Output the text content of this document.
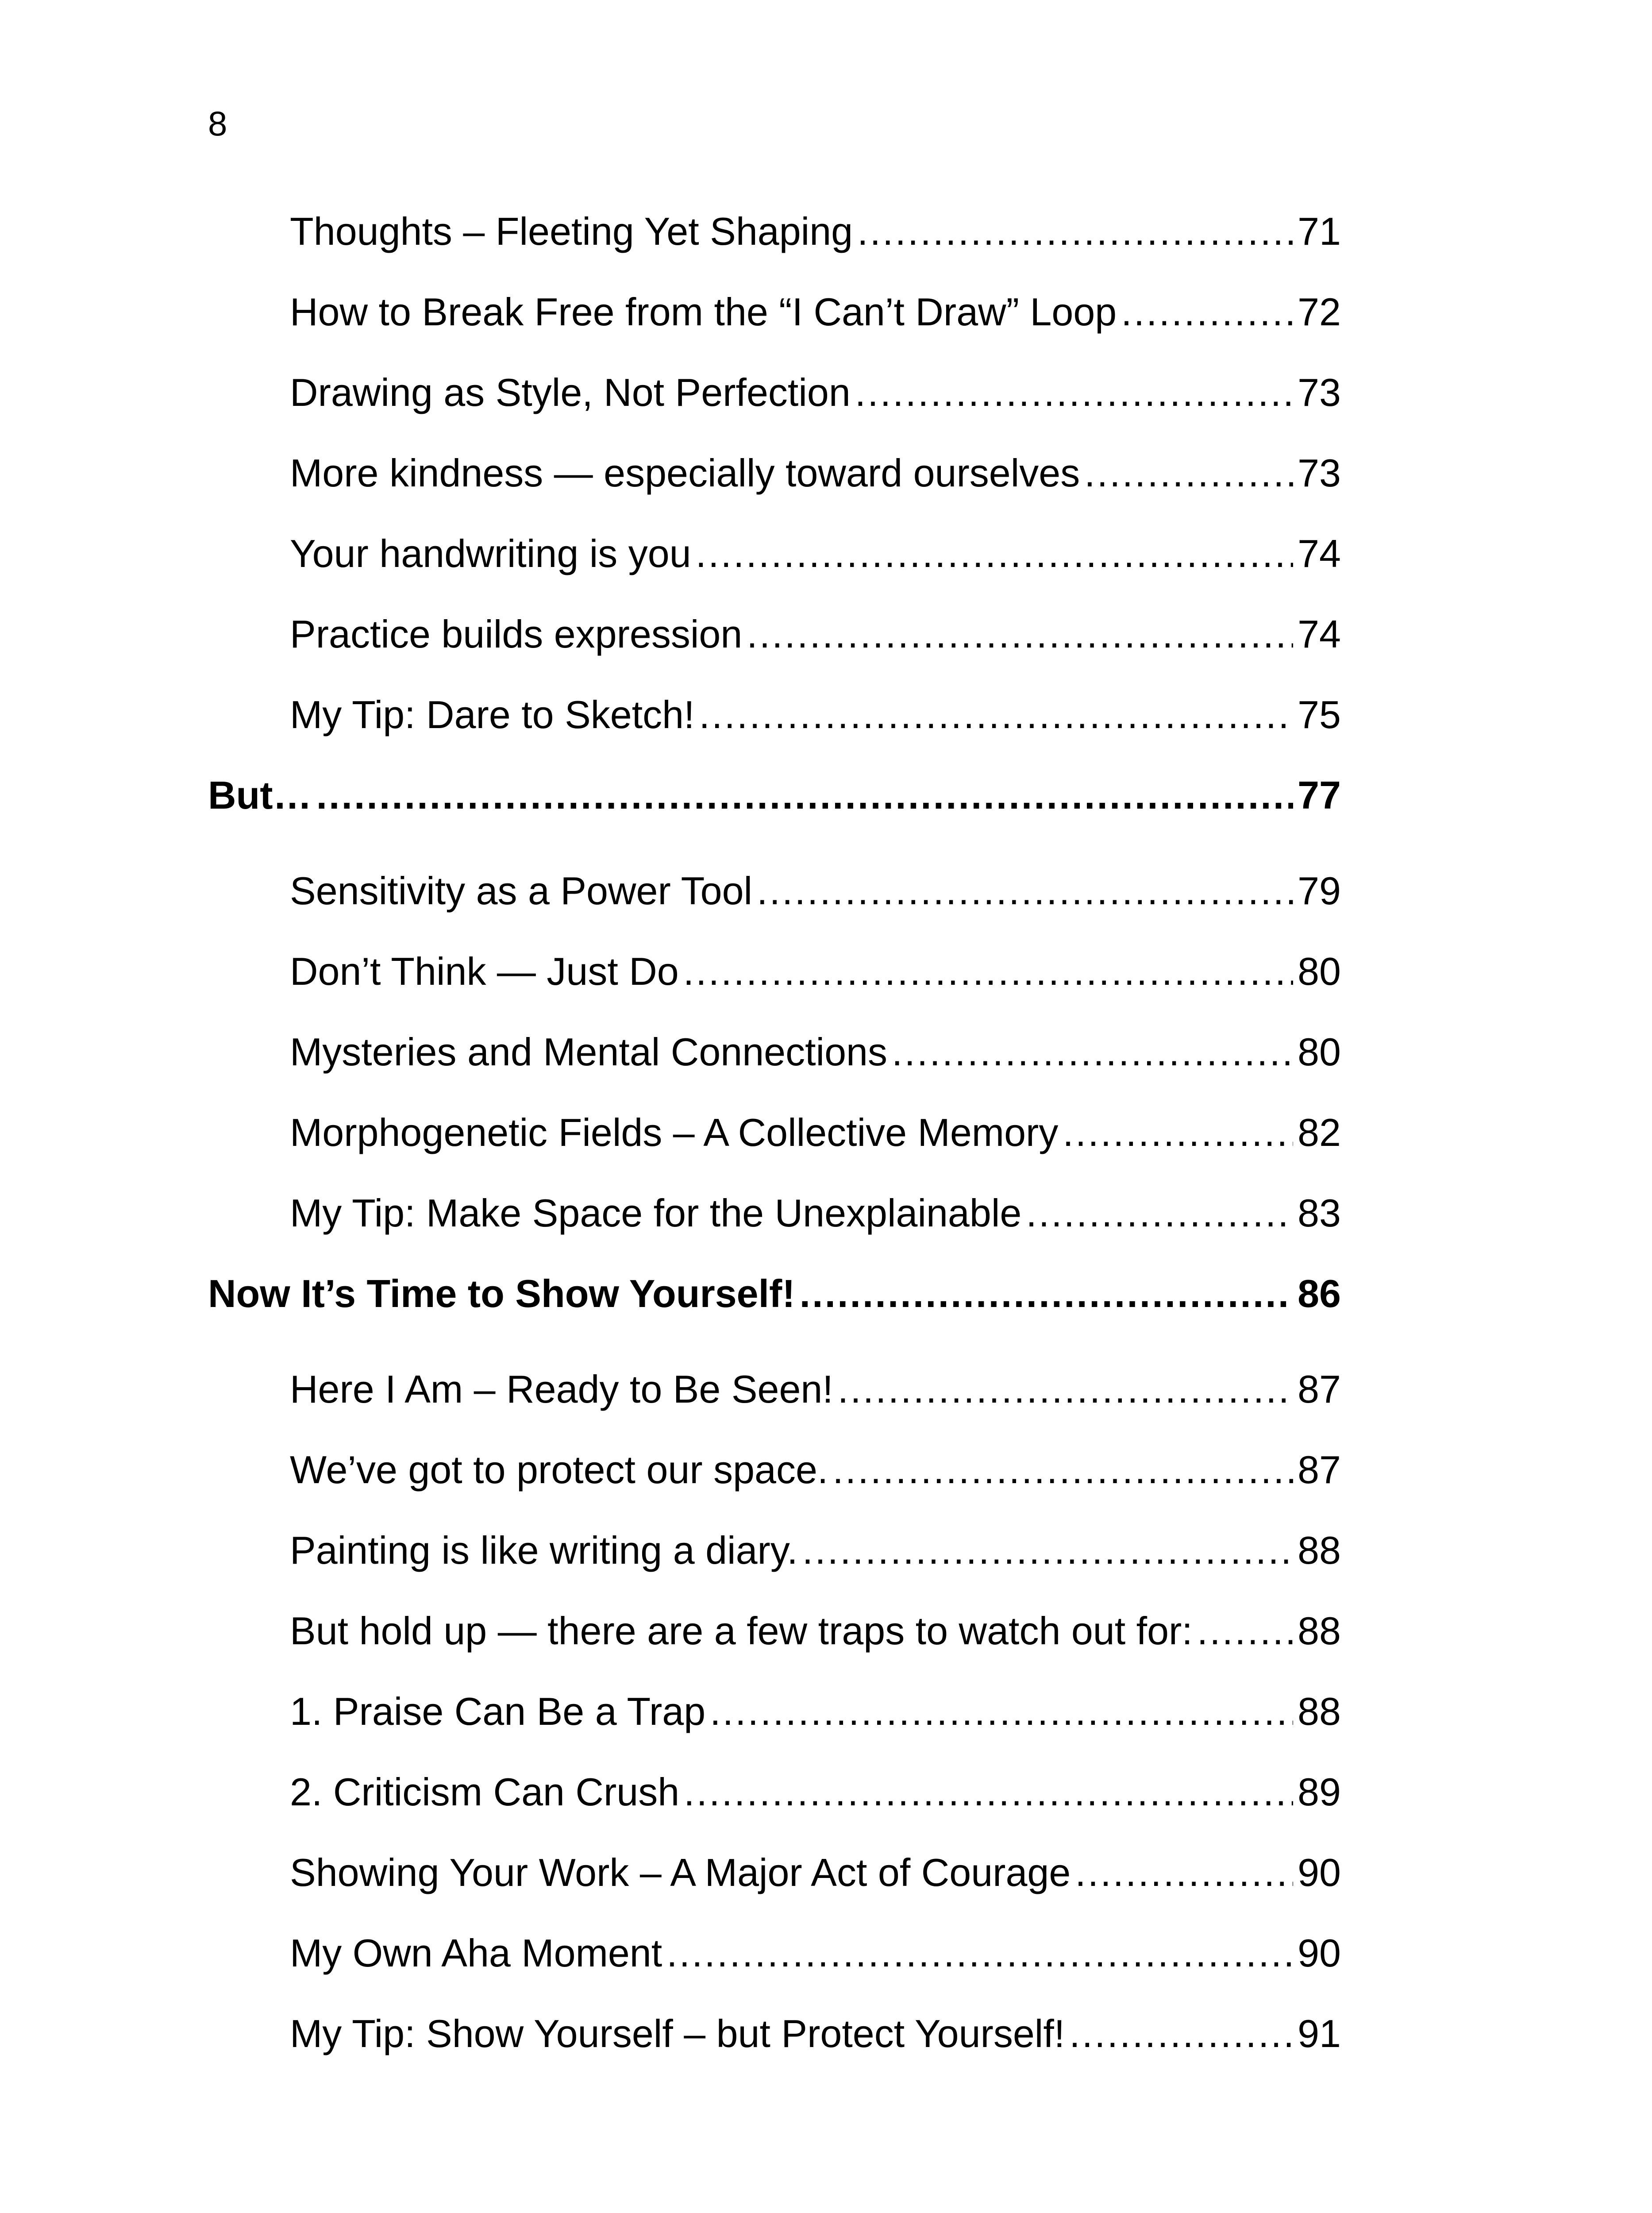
8
Thoughts – Fleeting Yet Shaping .....	71
How to Break Free from the “I Can’t Draw” Loop .....	72
Drawing as Style, Not Perfection .....	73
More kindness — especially toward ourselves .....	73
Your handwriting is you .....	74
Practice builds expression .....	74
My Tip: Dare to Sketch! .....	75
But… .....	77
Sensitivity as a Power Tool .....	79
Don’t Think — Just Do .....	80
Mysteries and Mental Connections .....	80
Morphogenetic Fields – A Collective Memory .....	82
My Tip: Make Space for the Unexplainable .....	83
Now It’s Time to Show Yourself! .....	86
Here I Am – Ready to Be Seen! .....	87
We’ve got to protect our space. .....	87
Painting is like writing a diary. .....	88
But hold up — there are a few traps to watch out for: .....	88
1. Praise Can Be a Trap .....	88
2. Criticism Can Crush .....	89
Showing Your Work – A Major Act of Courage .....	90
My Own Aha Moment .....	90
My Tip: Show Yourself – but Protect Yourself! .....	91
